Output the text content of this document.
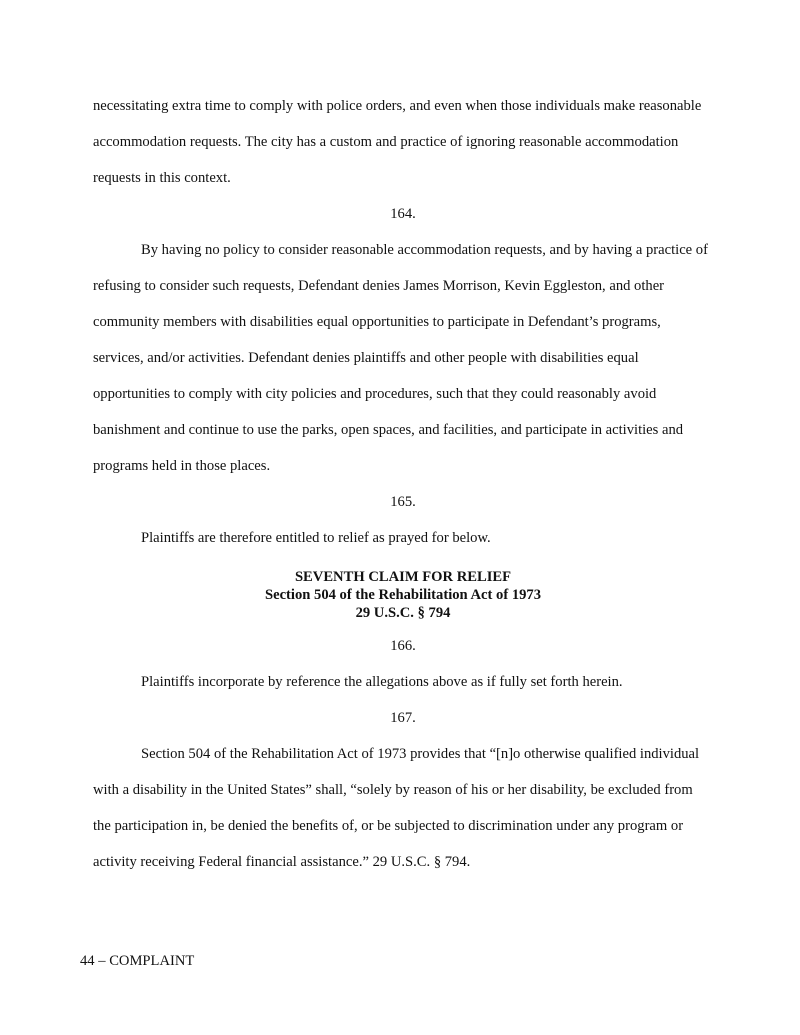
necessitating extra time to comply with police orders, and even when those individuals make reasonable accommodation requests. The city has a custom and practice of ignoring reasonable accommodation requests in this context.

164.

By having no policy to consider reasonable accommodation requests, and by having a practice of refusing to consider such requests, Defendant denies James Morrison, Kevin Eggleston, and other community members with disabilities equal opportunities to participate in Defendant’s programs, services, and/or activities. Defendant denies plaintiffs and other people with disabilities equal opportunities to comply with city policies and procedures, such that they could reasonably avoid banishment and continue to use the parks, open spaces, and facilities, and participate in activities and programs held in those places.

165.

Plaintiffs are therefore entitled to relief as prayed for below.

SEVENTH CLAIM FOR RELIEF
Section 504 of the Rehabilitation Act of 1973
29 U.S.C. § 794

166.

Plaintiffs incorporate by reference the allegations above as if fully set forth herein.

167.

Section 504 of the Rehabilitation Act of 1973 provides that “[n]o otherwise qualified individual with a disability in the United States” shall, “solely by reason of his or her disability, be excluded from the participation in, be denied the benefits of, or be subjected to discrimination under any program or activity receiving Federal financial assistance.” 29 U.S.C. § 794.

44 – COMPLAINT
